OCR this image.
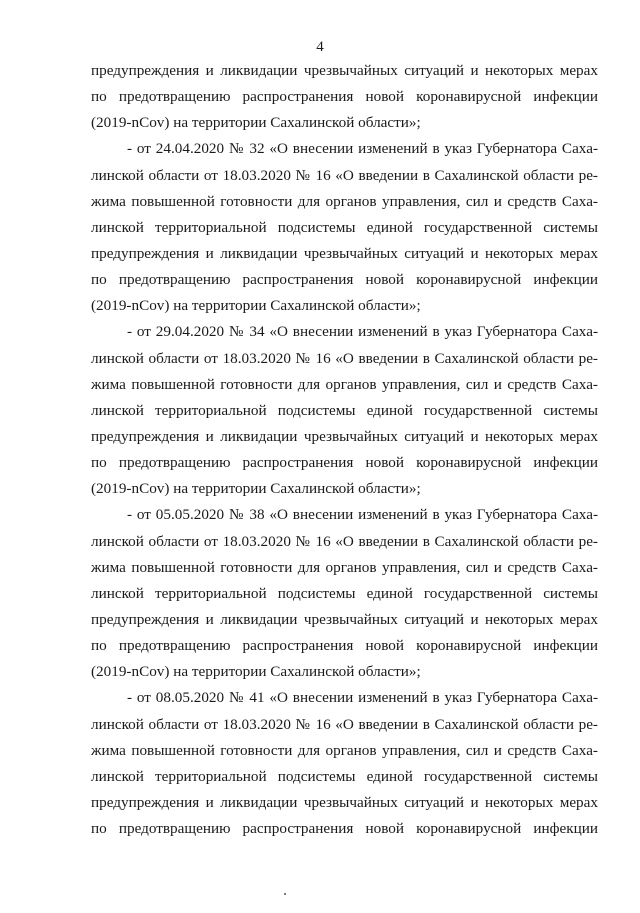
4
предупреждения и ликвидации чрезвычайных ситуаций и некоторых мерах
по предотвращению распространения новой коронавирусной инфекции
(2019-nCov) на территории Сахалинской области»;
- от 24.04.2020 № 32 «О внесении изменений в указ Губернатора Саха-
линской области от 18.03.2020 № 16 «О введении в Сахалинской области ре-
жима повышенной готовности для органов управления, сил и средств Саха-
линской территориальной подсистемы единой государственной системы
предупреждения и ликвидации чрезвычайных ситуаций и некоторых мерах
по предотвращению распространения новой коронавирусной инфекции
(2019-nCov) на территории Сахалинской области»;
- от 29.04.2020 № 34 «О внесении изменений в указ Губернатора Саха-
линской области от 18.03.2020 № 16 «О введении в Сахалинской области ре-
жима повышенной готовности для органов управления, сил и средств Саха-
линской территориальной подсистемы единой государственной системы
предупреждения и ликвидации чрезвычайных ситуаций и некоторых мерах
по предотвращению распространения новой коронавирусной инфекции
(2019-nCov) на территории Сахалинской области»;
- от 05.05.2020 № 38 «О внесении изменений в указ Губернатора Саха-
линской области от 18.03.2020 № 16 «О введении в Сахалинской области ре-
жима повышенной готовности для органов управления, сил и средств Саха-
линской территориальной подсистемы единой государственной системы
предупреждения и ликвидации чрезвычайных ситуаций и некоторых мерах
по предотвращению распространения новой коронавирусной инфекции
(2019-nCov) на территории Сахалинской области»;
- от 08.05.2020 № 41 «О внесении изменений в указ Губернатора Саха-
линской области от 18.03.2020 № 16 «О введении в Сахалинской области ре-
жима повышенной готовности для органов управления, сил и средств Саха-
линской территориальной подсистемы единой государственной системы
предупреждения и ликвидации чрезвычайных ситуаций и некоторых мерах
по предотвращению распространения новой коронавирусной инфекции
